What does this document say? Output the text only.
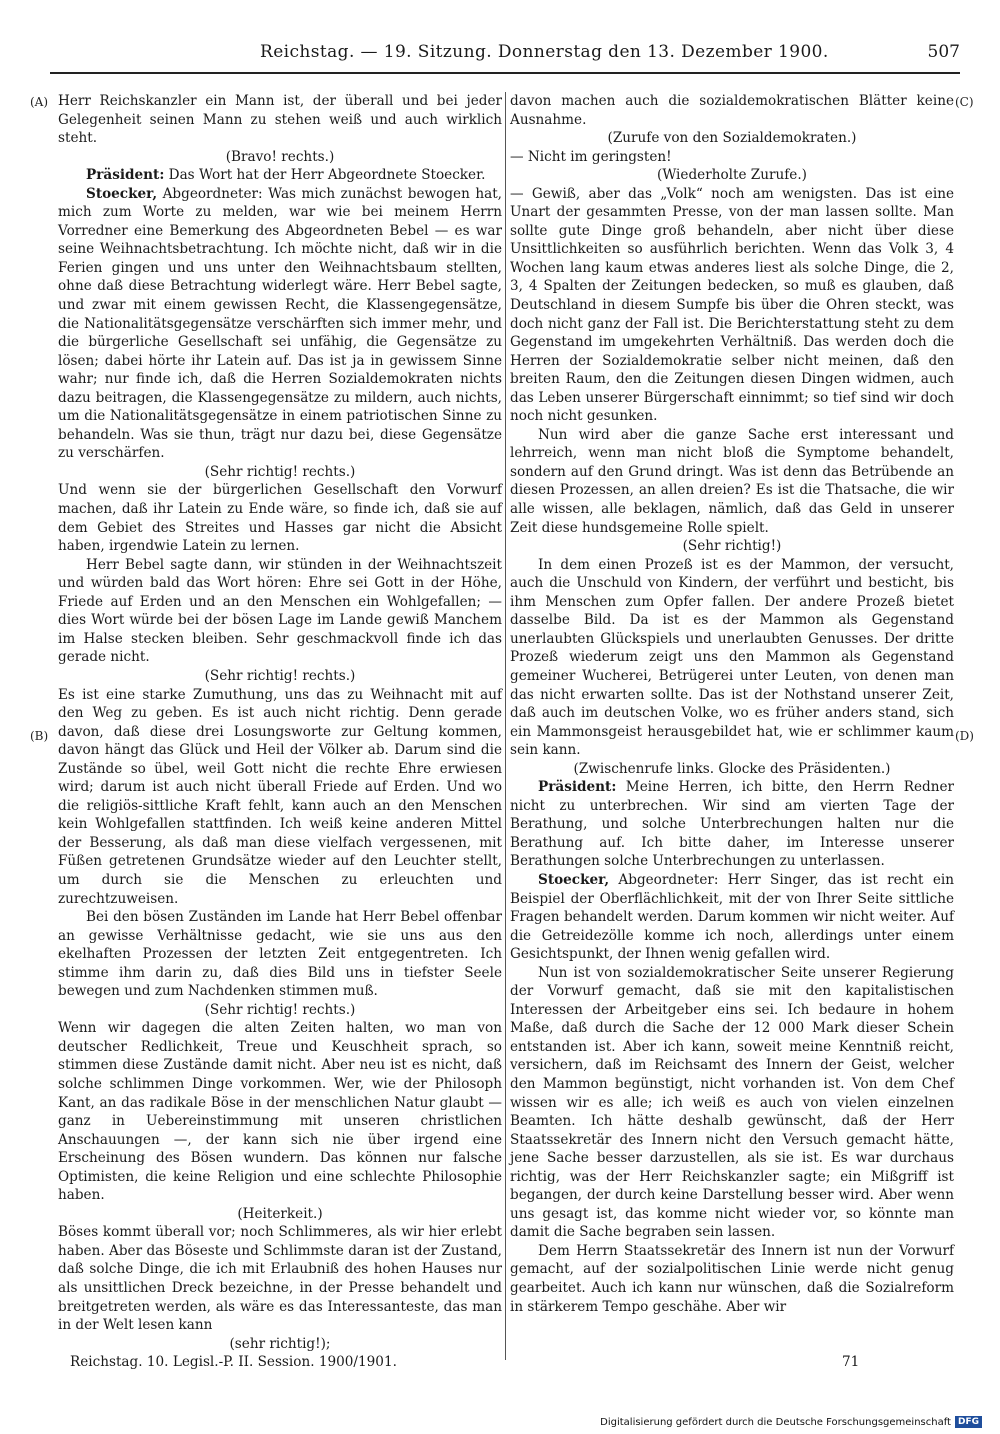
Reichstag. — 19. Sitzung. Donnerstag den 13. Dezember 1900.	507
(A)
(B)
(C)
(D)

Herr Reichskanzler ein Mann ist, der überall und bei jeder Gelegenheit seinen Mann zu stehen weiß und auch wirklich steht.

(Bravo! rechts.)

Präsident: Das Wort hat der Herr Abgeordnete Stoecker.

Stoecker, Abgeordneter: Was mich zunächst bewogen hat, mich zum Worte zu melden, war wie bei meinem Herrn Vorredner eine Bemerkung des Abgeordneten Bebel — es war seine Weihnachtsbetrachtung. Ich möchte nicht, daß wir in die Ferien gingen und uns unter den Weihnachtsbaum stellten, ohne daß diese Betrachtung widerlegt wäre. Herr Bebel sagte, und zwar mit einem gewissen Recht, die Klassengegensätze, die Nationalitätsgegensätze verschärften sich immer mehr, und die bürgerliche Gesellschaft sei unfähig, die Gegensätze zu lösen; dabei hörte ihr Latein auf. Das ist ja in gewissem Sinne wahr; nur finde ich, daß die Herren Sozialdemokraten nichts dazu beitragen, die Klassengegensätze zu mildern, auch nichts, um die Nationalitätsgegensätze in einem patriotischen Sinne zu behandeln. Was sie thun, trägt nur dazu bei, diese Gegensätze zu verschärfen.

(Sehr richtig! rechts.)

Und wenn sie der bürgerlichen Gesellschaft den Vorwurf machen, daß ihr Latein zu Ende wäre, so finde ich, daß sie auf dem Gebiet des Streites und Hasses gar nicht die Absicht haben, irgendwie Latein zu lernen.

Herr Bebel sagte dann, wir stünden in der Weihnachtszeit und würden bald das Wort hören: Ehre sei Gott in der Höhe, Friede auf Erden und an den Menschen ein Wohlgefallen; — dies Wort würde bei der bösen Lage im Lande gewiß Manchem im Halse stecken bleiben. Sehr geschmackvoll finde ich das gerade nicht.

(Sehr richtig! rechts.)

Es ist eine starke Zumuthung, uns das zu Weihnacht mit auf den Weg zu geben. Es ist auch nicht richtig. Denn gerade davon, daß diese drei Losungsworte zur Geltung kommen, davon hängt das Glück und Heil der Völker ab. Darum sind die Zustände so übel, weil Gott nicht die rechte Ehre erwiesen wird; darum ist auch nicht überall Friede auf Erden. Und wo die religiös-sittliche Kraft fehlt, kann auch an den Menschen kein Wohlgefallen stattfinden. Ich weiß keine anderen Mittel der Besserung, als daß man diese vielfach vergessenen, mit Füßen getretenen Grundsätze wieder auf den Leuchter stellt, um durch sie die Menschen zu erleuchten und zurechtzuweisen.

Bei den bösen Zuständen im Lande hat Herr Bebel offenbar an gewisse Verhältnisse gedacht, wie sie uns aus den ekelhaften Prozessen der letzten Zeit entgegentreten. Ich stimme ihm darin zu, daß dies Bild uns in tiefster Seele bewegen und zum Nachdenken stimmen muß.

(Sehr richtig! rechts.)

Wenn wir dagegen die alten Zeiten halten, wo man von deutscher Redlichkeit, Treue und Keuschheit sprach, so stimmen diese Zustände damit nicht. Aber neu ist es nicht, daß solche schlimmen Dinge vorkommen. Wer, wie der Philosoph Kant, an das radikale Böse in der menschlichen Natur glaubt — ganz in Uebereinstimmung mit unseren christlichen Anschauungen —, der kann sich nie über irgend eine Erscheinung des Bösen wundern. Das können nur falsche Optimisten, die keine Religion und eine schlechte Philosophie haben.

(Heiterkeit.)

Böses kommt überall vor; noch Schlimmeres, als wir hier erlebt haben. Aber das Böseste und Schlimmste daran ist der Zustand, daß solche Dinge, die ich mit Erlaubniß des hohen Hauses nur als unsittlichen Dreck bezeichne, in der Presse behandelt und breitgetreten werden, als wäre es das Interessanteste, das man in der Welt lesen kann

(sehr richtig!);

davon machen auch die sozialdemokratischen Blätter keine Ausnahme.

(Zurufe von den Sozialdemokraten.)

— Nicht im geringsten!

(Wiederholte Zurufe.)

— Gewiß, aber das „Volk“ noch am wenigsten. Das ist eine Unart der gesammten Presse, von der man lassen sollte. Man sollte gute Dinge groß behandeln, aber nicht über diese Unsittlichkeiten so ausführlich berichten. Wenn das Volk 3, 4 Wochen lang kaum etwas anderes liest als solche Dinge, die 2, 3, 4 Spalten der Zeitungen bedecken, so muß es glauben, daß Deutschland in diesem Sumpfe bis über die Ohren steckt, was doch nicht ganz der Fall ist. Die Berichterstattung steht zu dem Gegenstand im umgekehrten Verhältniß. Das werden doch die Herren der Sozialdemokratie selber nicht meinen, daß den breiten Raum, den die Zeitungen diesen Dingen widmen, auch das Leben unserer Bürgerschaft einnimmt; so tief sind wir doch noch nicht gesunken.

Nun wird aber die ganze Sache erst interessant und lehrreich, wenn man nicht bloß die Symptome behandelt, sondern auf den Grund dringt. Was ist denn das Betrübende an diesen Prozessen, an allen dreien? Es ist die Thatsache, die wir alle wissen, alle beklagen, nämlich, daß das Geld in unserer Zeit diese hundsgemeine Rolle spielt.

(Sehr richtig!)

In dem einen Prozeß ist es der Mammon, der versucht, auch die Unschuld von Kindern, der verführt und besticht, bis ihm Menschen zum Opfer fallen. Der andere Prozeß bietet dasselbe Bild. Da ist es der Mammon als Gegenstand unerlaubten Glückspiels und unerlaubten Genusses. Der dritte Prozeß wiederum zeigt uns den Mammon als Gegenstand gemeiner Wucherei, Betrügerei unter Leuten, von denen man das nicht erwarten sollte. Das ist der Nothstand unserer Zeit, daß auch im deutschen Volke, wo es früher anders stand, sich ein Mammonsgeist herausgebildet hat, wie er schlimmer kaum sein kann.

(Zwischenrufe links. Glocke des Präsidenten.)

Präsident: Meine Herren, ich bitte, den Herrn Redner nicht zu unterbrechen. Wir sind am vierten Tage der Berathung, und solche Unterbrechungen halten nur die Berathung auf. Ich bitte daher, im Interesse unserer Berathungen solche Unterbrechungen zu unterlassen.

Stoecker, Abgeordneter: Herr Singer, das ist recht ein Beispiel der Oberflächlichkeit, mit der von Ihrer Seite sittliche Fragen behandelt werden. Darum kommen wir nicht weiter. Auf die Getreidezölle komme ich noch, allerdings unter einem Gesichtspunkt, der Ihnen wenig gefallen wird.

Nun ist von sozialdemokratischer Seite unserer Regierung der Vorwurf gemacht, daß sie mit den kapitalistischen Interessen der Arbeitgeber eins sei. Ich bedaure in hohem Maße, daß durch die Sache der 12 000 Mark dieser Schein entstanden ist. Aber ich kann, soweit meine Kenntniß reicht, versichern, daß im Reichsamt des Innern der Geist, welcher den Mammon begünstigt, nicht vorhanden ist. Von dem Chef wissen wir es alle; ich weiß es auch von vielen einzelnen Beamten. Ich hätte deshalb gewünscht, daß der Herr Staatssekretär des Innern nicht den Versuch gemacht hätte, jene Sache besser darzustellen, als sie ist. Es war durchaus richtig, was der Herr Reichskanzler sagte; ein Mißgriff ist begangen, der durch keine Darstellung besser wird. Aber wenn uns gesagt ist, das komme nicht wieder vor, so könnte man damit die Sache begraben sein lassen.

Dem Herrn Staatssekretär des Innern ist nun der Vorwurf gemacht, auf der sozialpolitischen Linie werde nicht genug gearbeitet. Auch ich kann nur wünschen, daß die Sozialreform in stärkerem Tempo geschähe. Aber wir

Reichstag. 10. Legisl.-P. II. Session. 1900/1901.	71
Digitalisierung gefördert durch die Deutsche Forschungsgemeinschaft DFG
